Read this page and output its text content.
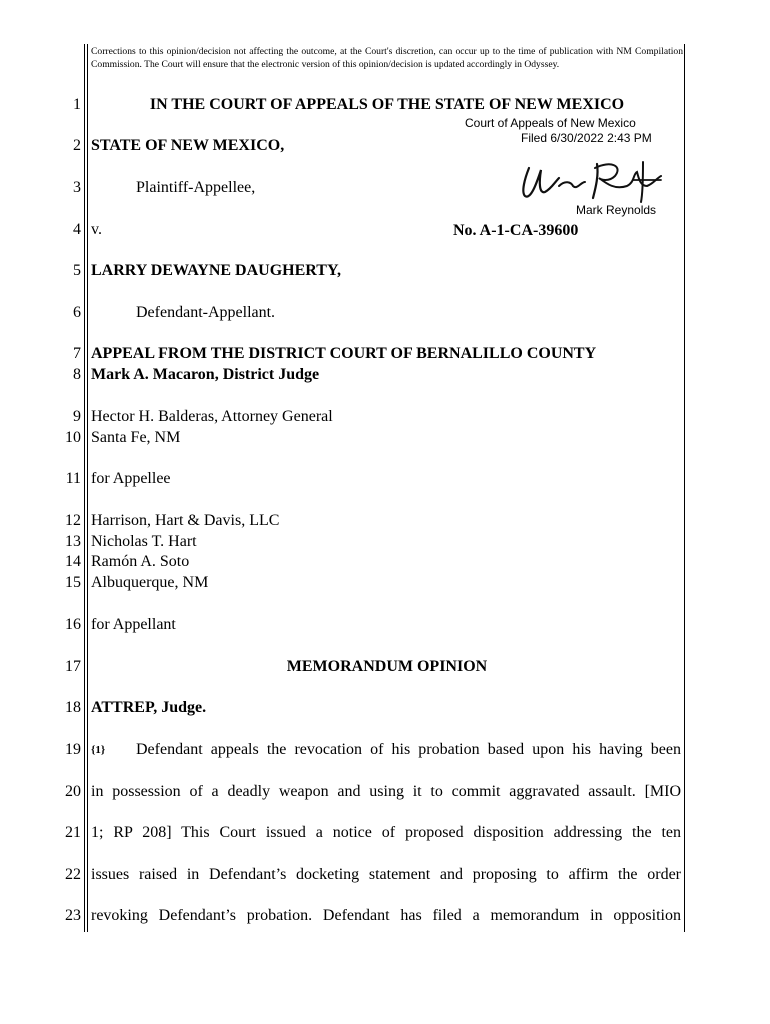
Corrections to this opinion/decision not affecting the outcome, at the Court's discretion, can occur up to the time of publication with NM Compilation Commission. The Court will ensure that the electronic version of this opinion/decision is updated accordingly in Odyssey.
1
2
3
4
5
6
7
8
9
10
11
12
13
14
15
16
17
18
19
20
21
22
23
IN THE COURT OF APPEALS OF THE STATE OF NEW MEXICO
Court of Appeals of New Mexico
Filed 6/30/2022 2:43 PM
Mark Reynolds
STATE OF NEW MEXICO,
Plaintiff-Appellee,
v.	No. A-1-CA-39600
LARRY DEWAYNE DAUGHERTY,
Defendant-Appellant.
APPEAL FROM THE DISTRICT COURT OF BERNALILLO COUNTY
Mark A. Macaron, District Judge
Hector H. Balderas, Attorney General
Santa Fe, NM
for Appellee
Harrison, Hart & Davis, LLC
Nicholas T. Hart
Ramón A. Soto
Albuquerque, NM
for Appellant
MEMORANDUM OPINION
ATTREP, Judge.
{1} Defendant appeals the revocation of his probation based upon his having been
in possession of a deadly weapon and using it to commit aggravated assault. [MIO
1; RP 208] This Court issued a notice of proposed disposition addressing the ten
issues raised in Defendant’s docketing statement and proposing to affirm the order
revoking Defendant’s probation. Defendant has filed a memorandum in opposition
